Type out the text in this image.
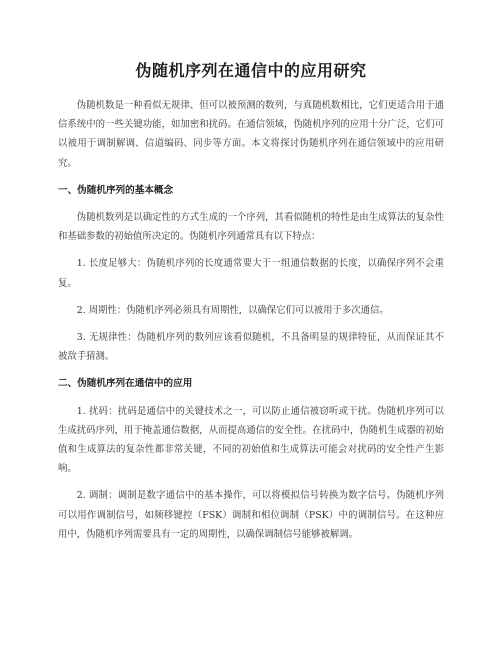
伪随机序列在通信中的应用研究

伪随机数是一种看似无规律、但可以被预测的数列，与真随机数相比，它们更适合用于通信系统中的一些关键功能，如加密和扰码。在通信领域，伪随机序列的应用十分广泛，它们可以被用于调制解调、信道编码、同步等方面。本文将探讨伪随机序列在通信领域中的应用研究。

一、伪随机序列的基本概念

伪随机数列是以确定性的方式生成的一个序列，其看似随机的特性是由生成算法的复杂性和基础参数的初始值所决定的。伪随机序列通常具有以下特点：

1. 长度足够大：伪随机序列的长度通常要大于一组通信数据的长度，以确保序列不会重复。

2. 周期性：伪随机序列必须具有周期性，以确保它们可以被用于多次通信。

3. 无规律性：伪随机序列的数列应该看似随机，不具备明显的规律特征，从而保证其不被敌手猜测。

二、伪随机序列在通信中的应用

1. 扰码：扰码是通信中的关键技术之一，可以防止通信被窃听或干扰。伪随机序列可以生成扰码序列，用于掩盖通信数据，从而提高通信的安全性。在扰码中，伪随机生成器的初始值和生成算法的复杂性都非常关键，不同的初始值和生成算法可能会对扰码的安全性产生影响。

2. 调制：调制是数字通信中的基本操作，可以将模拟信号转换为数字信号。伪随机序列可以用作调制信号，如频移键控（FSK）调制和相位调制（PSK）中的调制信号。在这种应用中，伪随机序列需要具有一定的周期性，以确保调制信号能够被解调。
